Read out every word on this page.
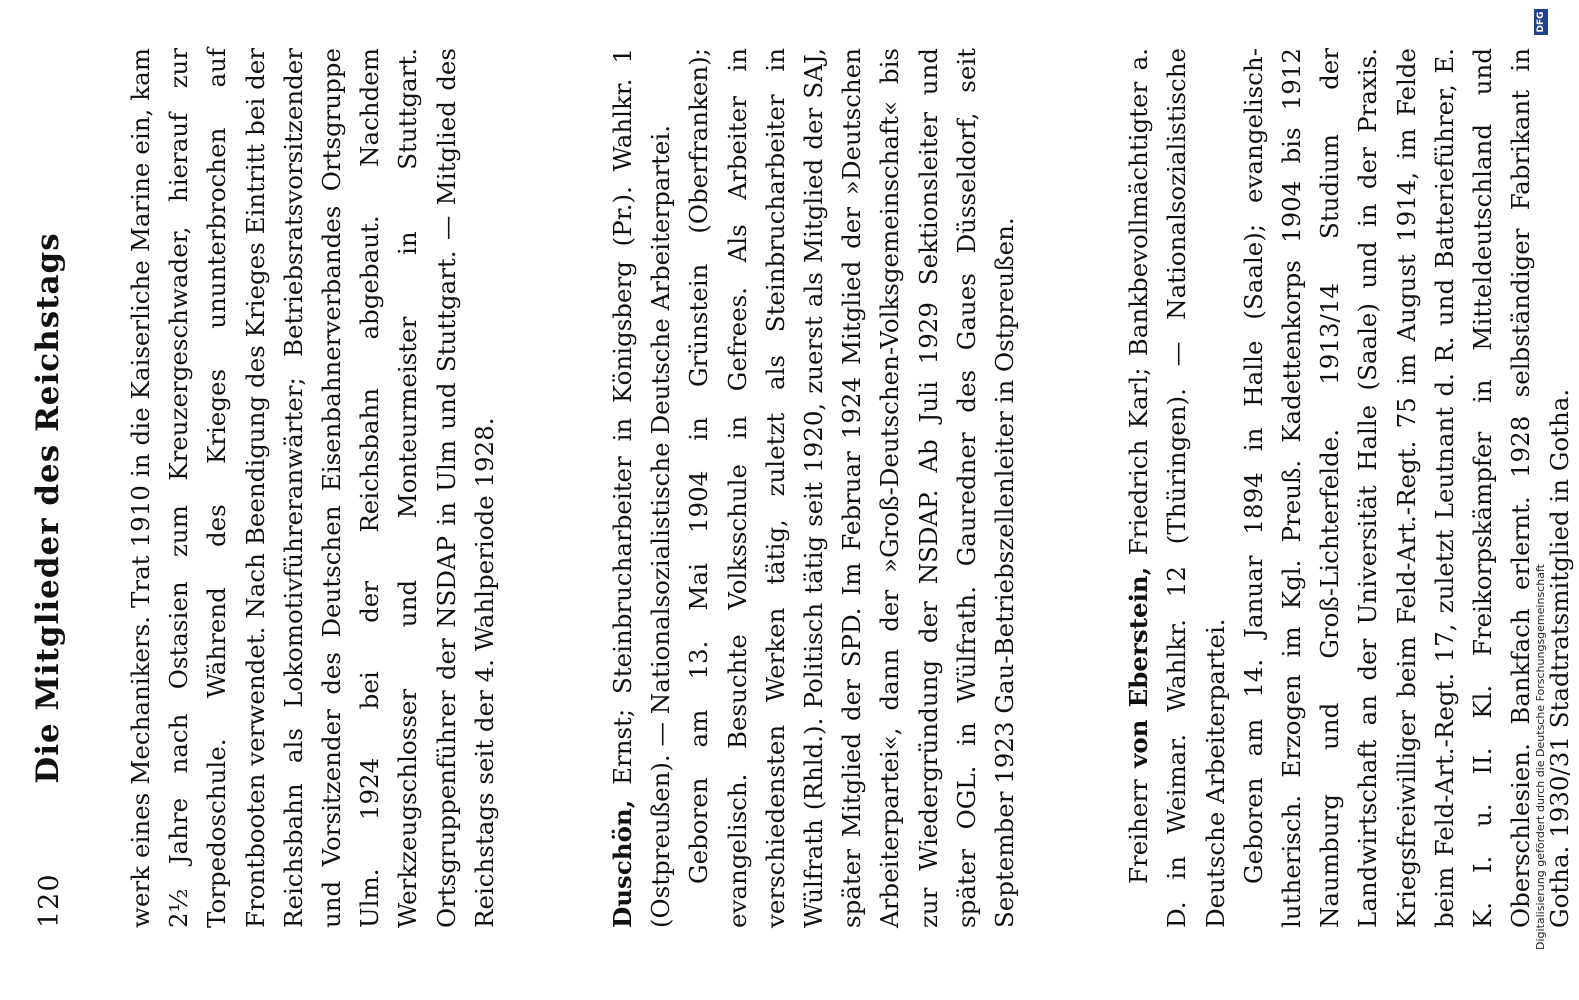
120
Die Mitglieder des Reichstags werk eines Mechanikers. Trat 1910 in die Kaiserliche Marine ein, kam 2½ Jahre nach Ostasien zum Kreuzergeschwader, hierauf zur Torpedoschule. Während des Krieges ununterbrochen auf Frontbooten verwendet. Nach Beendigung des Krieges Eintritt bei der Reichsbahn als Lokomotivführeranwärter; Betriebsratsvorsitzender und Vorsitzender des Deutschen Eisenbahnerverbandes Ortsgruppe Ulm. 1924 bei der Reichsbahn abgebaut. Nachdem Werkzeugschlosser und Monteurmeister in Stuttgart. Ortsgruppenführer der NSDAP in Ulm und Stuttgart. — Mitglied des Reichstags seit der 4. Wahlperiode 1928.	Duschön, Ernst; Steinbrucharbeiter in Königsberg (Pr.). Wahlkr. 1 (Ostpreußen). — Nationalsozialistische Deutsche Arbeiterpartei. Geboren am 13. Mai 1904 in Grünstein (Oberfranken); evangelisch. Besuchte Volksschule in Gefrees. Als Arbeiter in verschiedensten Werken tätig, zuletzt als Steinbrucharbeiter in Wülfrath (Rhld.). Politisch tätig seit 1920, zuerst als Mitglied der SAJ, später Mitglied der SPD. Im Februar 1924 Mitglied der »Deutschen Arbeiterpartei«, dann der »Groß-Deutschen-Volksgemeinschaft« bis zur Wiedergründung der NSDAP. Ab Juli 1929 Sektionsleiter und später OGL. in Wülfrath. Gauredner des Gaues Düsseldorf, seit September 1923 Gau-Betriebszellenleiter in Ostpreußen.	Freiherr von Eberstein, Friedrich Karl; Bankbevollmächtigter a. D. in Weimar. Wahlkr. 12 (Thüringen). — Nationalsozialistische Deutsche Arbeiterpartei. Geboren am 14. Januar 1894 in Halle (Saale); evangelisch-lutherisch. Erzogen im Kgl. Preuß. Kadettenkorps 1904 bis 1912 Naumburg und Groß-Lichterfelde. 1913/14 Studium der Landwirtschaft an der Universität Halle (Saale) und in der Praxis. Kriegsfreiwilliger beim Feld-Art.-Regt. 75 im August 1914, im Felde beim Feld-Art.-Regt. 17, zuletzt Leutnant d. R. und Batterieführer, E. K. I. u. II. Kl. Freikorpskämpfer in Mitteldeutschland und Oberschlesien. Bankfach erlernt. 1928 selbständiger Fabrikant in Gotha. 1930/31 Stadtratsmitglied in Gotha.

Digitalisierung gefördert durch die Deutsche Forschungsgemeinschaft
DFG
